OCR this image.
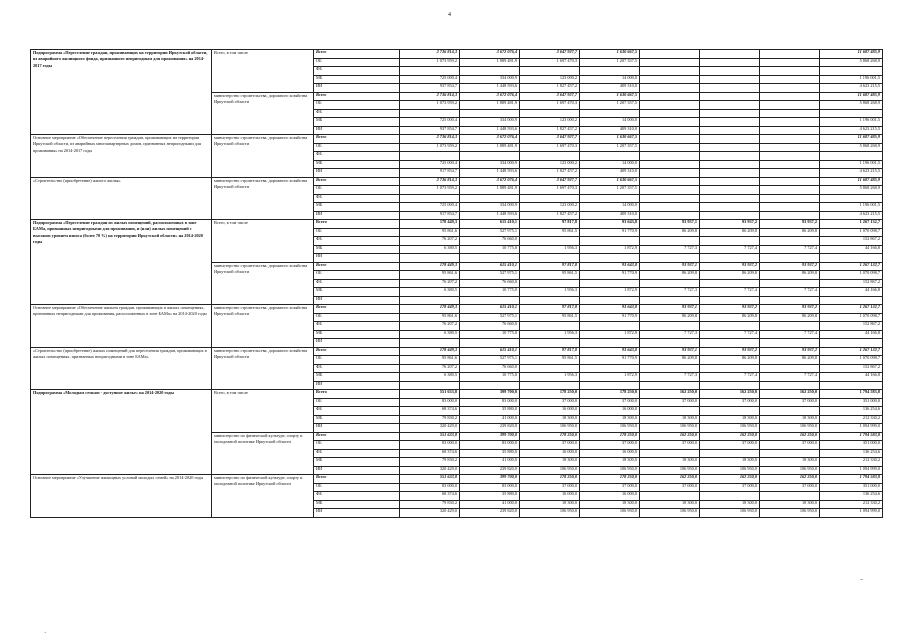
4
Подпрограмма «Переселение граждан, проживающих на территории Иркутской области, из аварийного жилищного фонда, признанного непригодным для проживания» на 2014-2017 годы	Всего, в том числе	Всего	2 736 814,3	3 672 076,4	3 647 927,7	1 630 667,5				11 687 485,9
		ОБ	1 073 959,2	1 889 481,9	1 697 470,3	1 207 357,5				5 868 268,9
		ФБ								
		МБ	725 000,4	334 000,9	123 000,2	14 000,0				1 196 001,5
		ИИ	937 854,7	1 448 593,6	1 827 457,2	409 310,0				4 623 215,5
	министерство строительства, дорожного хозяйства Иркутской области	Всего	2 736 814,3	3 672 076,4	3 647 927,7	1 630 667,5				11 687 485,9
		ОБ	1 073 959,2	1 889 481,9	1 697 470,3	1 207 357,5				5 868 268,9
		ФБ								
		МБ	725 000,4	334 000,9	123 000,2	14 000,0				1 196 001,5
		ИИ	937 854,7	1 448 593,6	1 827 457,2	409 310,0				4 623 215,5
Основное мероприятие «Обеспечение переселения граждан, проживающих на территории Иркутской области, из аварийных многоквартирных домов, признанных непригодными для проживания» на 2014-2017 годы	министерство строительства, дорожного хозяйства Иркутской области	Всего	2 736 814,3	3 672 076,4	3 647 927,7	1 630 667,5				11 687 485,9
		ОБ	1 073 959,2	1 889 481,9	1 697 470,3	1 207 357,5				5 868 268,9
		ФБ								
		МБ	725 000,4	334 000,9	123 000,2	14 000,0				1 196 001,5
		ИИ	917 854,7	1 448 593,6	1 827 457,2	409 310,0				4 623 215,5
«Строительство (приобретение) жилого жилья»	министерство строительства, дорожного хозяйства Иркутской области	Всего	2 736 814,3	3 672 076,4	3 647 927,7	1 630 667,5				11 687 485,9
		ОБ	1 073 959,2	1 889 481,9	1 697 470,3	1 207 357,5				5 868 268,9
		ФБ								
		МБ	725 000,4	334 000,9	123 000,2	14 000,0				1 196 001,5
		ИИ	917 854,7	1 448 593,6	1 827 457,2	409 310,0				4 623 215,5
Подпрограмма «Переселение граждан из жилых помещений, расположенных в зоне БАМа, признанных непригодными для проживания, и (или) жилых помещений с высоким уровнем износа (более 70 %) на территории Иркутской области» на 2014-2020 годы	Всего, в том числе	Всего	178 449,3	615 410,1	97 817,8	93 643,8	93 937,1	93 937,2	93 937,2	1 267 132,7
		ОБ	95 861,6	527 975,1	95 861,5	91 770,9	86 209,8	86 209,8	86 209,8	1 070 098,7
		ФБ	76 207,2	76 660,0						152 867,2
		МБ	6 380,5	10 775,0	1 956,3	1 872,9	7 727,3	7 727,4	7 727,4	44 166,8
		ИИ								
	министерство строительства, дорожного хозяйства Иркутской области	Всего	178 449,3	615 410,1	97 817,8	93 643,8	93 937,1	93 937,2	93 937,2	1 267 132,7
		ОБ	95 861,6	527 975,1	95 861,5	91 770,9	86 209,8	86 209,8	86 209,8	1 070 098,7
		ФБ	76 207,2	76 660,0						152 867,2
		МБ	6 380,5	10 775,0	1 956,3	1 872,9	7 727,3	7 727,4	7 727,4	44 166,8
		ИИ								
Основное мероприятие «Обеспечение жильем граждан, проживающих в жилых помещениях, признанных непригодными для проживания, расположенных в зоне БАМа» на 2014-2020 годы	министерство строительства, дорожного хозяйства Иркутской области	Всего	178 449,3	615 410,1	97 817,8	93 643,8	93 937,1	93 937,2	93 937,2	1 267 132,7
		ОБ	95 861,6	527 975,1	95 861,5	91 770,9	86 209,8	86 209,8	86 209,8	1 070 098,7
		ФБ	76 207,2	76 660,0						152 867,2
		МБ	6 380,5	10 775,0	1 956,3	1 872,9	7 727,3	7 727,4	7 727,4	44 166,8
		ИИ								
«Строительство (приобретение) жилых помещений для переселения граждан, проживающих в жилых помещениях, признанных непригодными в зоне БАМа»	министерство строительства, дорожного хозяйства Иркутской области	Всего	178 449,3	615 410,1	97 817,8	93 643,8	93 937,1	93 937,2	93 937,2	1 267 132,7
		ОБ	95 861,6	527 975,1	95 861,5	91 770,9	86 209,8	86 209,8	86 209,8	1 070 098,7
		ФБ	76 207,2	76 660,0						152 867,2
		МБ	6 380,5	10 775,0	1 956,3	1 872,9	7 727,3	7 727,4	7 727,4	44 166,8
		ИИ								
Подпрограмма «Молодым семьям - доступное жилье» на 2014-2020 годы	Всего, в том числе	Всего	551 633,8	399 700,0	178 250,0	178 250,0	162 250,0	162 250,0	162 250,0	1 794 583,8
		ОБ	83 000,0	83 000,0	37 000,0	37 000,0	37 000,0	37 000,0	37 000,0	351 000,0
		ФБ	68 374,6	35 880,0	16 000,0	16 000,0				136 254,6
		МБ	79 830,2	41 000,0	18 300,0	18 300,0	18 300,0	18 300,0	18 300,0	212 330,2
		ИИ	320 429,0	239 820,0	106 950,0	106 950,0	106 950,0	106 950,0	106 950,0	1 094 999,0
	министерство по физической культуре, спорту и молодежной политике Иркутской области	Всего	551 633,8	399 700,0	178 250,0	178 250,0	162 250,0	162 250,0	162 250,0	1 794 583,8
		ОБ	83 000,0	83 000,0	37 000,0	37 000,0	37 000,0	37 000,0	37 000,0	351 000,0
		ФБ	68 374,6	35 880,0	16 000,0	16 000,0				136 254,6
		МБ	79 830,2	41 000,0	18 300,0	18 300,0	18 300,0	18 300,0	18 300,0	212 330,2
		ИИ	320 429,0	239 820,0	106 950,0	106 950,0	106 950,0	106 950,0	106 950,0	1 094 999,0
Основное мероприятие «Улучшение жилищных условий молодых семей» на 2014-2020 годы	министерство по физической культуре, спорту и молодежной политике Иркутской области	Всего	551 633,8	399 700,0	178 250,0	178 250,0	162 250,0	162 250,0	162 250,0	1 794 583,8
		ОБ	83 000,0	83 000,0	37 000,0	37 000,0	37 000,0	37 000,0	37 000,0	351 000,0
		ФБ	68 374,6	35 880,0	16 000,0	16 000,0				136 254,6
		МБ	79 830,2	41 000,0	18 300,0	18 300,0	18 300,0	18 300,0	18 300,0	212 330,2
		ИИ	320 429,0	239 820,0	106 950,0	106 950,0	106 950,0	106 950,0	106 950,0	1 094 999,0
.
-
